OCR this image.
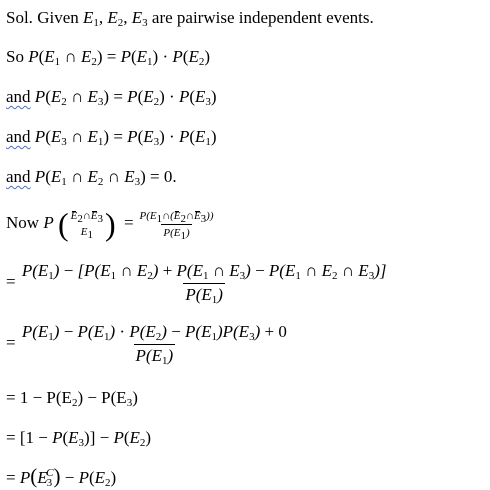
Sol. Given $E_1$, $E_2$, $E_3$ are pairwise independent events.
So $P(E_1$ ∩ $E_2) = P(E_1) \cdot P(E_2)$
and $P(E_2$ ∩ $E_3) = P(E_2) \cdot P(E_3)$
and $P(E_3$ ∩ $E_1) = P(E_3) \cdot P(E_1)$
and $P(E_1$ ∩ $E_2$ ∩ $E_3) = 0$.
Now P ( $E_2\cap E_3$
$E_1$ ) = $\frac{P(E_1\cap(E_2\cap E_3))}{P(E_1)}$
= $\frac{P(E_1) - [P(E_1 \cap E_2) + P(E_1 \cap E_3) - P(E_1 \cap E_2 \cap E_3)]}{P(E_1)}$
= $\frac{P(E_1) - P(E_1) \cdot P(E_2) - P(E_1)P(E_3) + 0}{P(E_1)}$
= $1 - P(E_2) - P(E_3)$
= $[1 - P(E_3)] - P(E_2)$
= $P(E_3^C) - P(E_2)$
